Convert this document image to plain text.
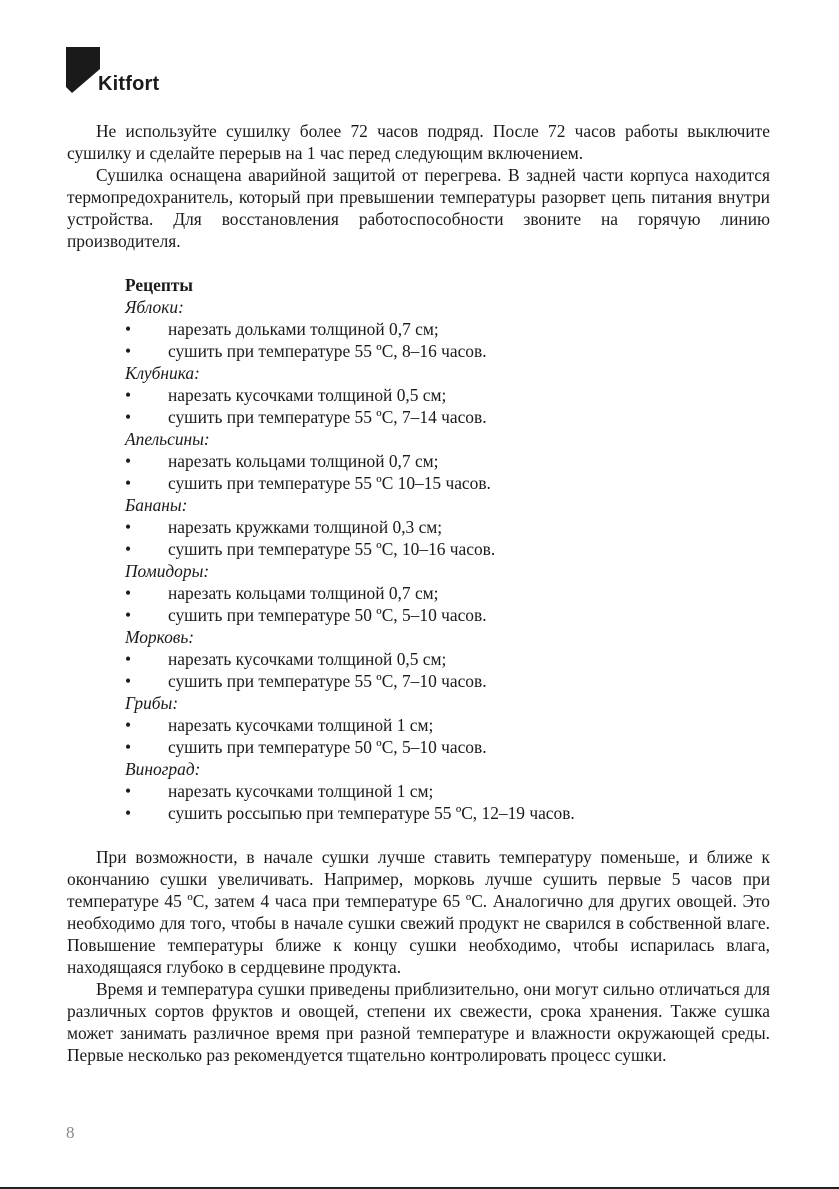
Kitfort

Не используйте сушилку более 72 часов подряд. После 72 часов работы выключите сушилку и сделайте перерыв на 1 час перед следующим включением.

Сушилка оснащена аварийной защитой от перегрева. В задней части корпуса находится термопредохранитель, который при превышении температуры разорвет цепь питания внутри устройства. Для восстановления работоспособности звоните на горячую линию производителя.

Рецепты

Яблоки:

• нарезать дольками толщиной 0,7 см;

• сушить при температуре 55 ºС, 8–16 часов.

Клубника:

• нарезать кусочками толщиной 0,5 см;

• сушить при температуре 55 ºС, 7–14 часов.

Апельсины:

• нарезать кольцами толщиной 0,7 см;

• сушить при температуре 55 ºС 10–15 часов.

Бананы:

• нарезать кружками толщиной 0,3 см;

• сушить при температуре 55 ºС, 10–16 часов.

Помидоры:

• нарезать кольцами толщиной 0,7 см;

• сушить при температуре 50 ºС, 5–10 часов.

Морковь:

• нарезать кусочками толщиной 0,5 см;

• сушить при температуре 55 ºС, 7–10 часов.

Грибы:

• нарезать кусочками толщиной 1 см;

• сушить при температуре 50 ºС, 5–10 часов.

Виноград:

• нарезать кусочками толщиной 1 см;

• сушить россыпью при температуре 55 ºС, 12–19 часов.

При возможности, в начале сушки лучше ставить температуру поменьше, и ближе к окончанию сушки увеличивать. Например, морковь лучше сушить первые 5 часов при температуре 45 ºС, затем 4 часа при температуре 65 ºС. Аналогично для других овощей. Это необходимо для того, чтобы в начале сушки свежий продукт не сварился в собственной влаге. Повышение температуры ближе к концу сушки необходимо, чтобы испарилась влага, находящаяся глубоко в сердцевине продукта.

Время и температура сушки приведены приблизительно, они могут сильно отличаться для различных сортов фруктов и овощей, степени их свежести, срока хранения. Также сушка может занимать различное время при разной температуре и влажности окружающей среды. Первые несколько раз рекомендуется тщательно контролировать процесс сушки.

8
